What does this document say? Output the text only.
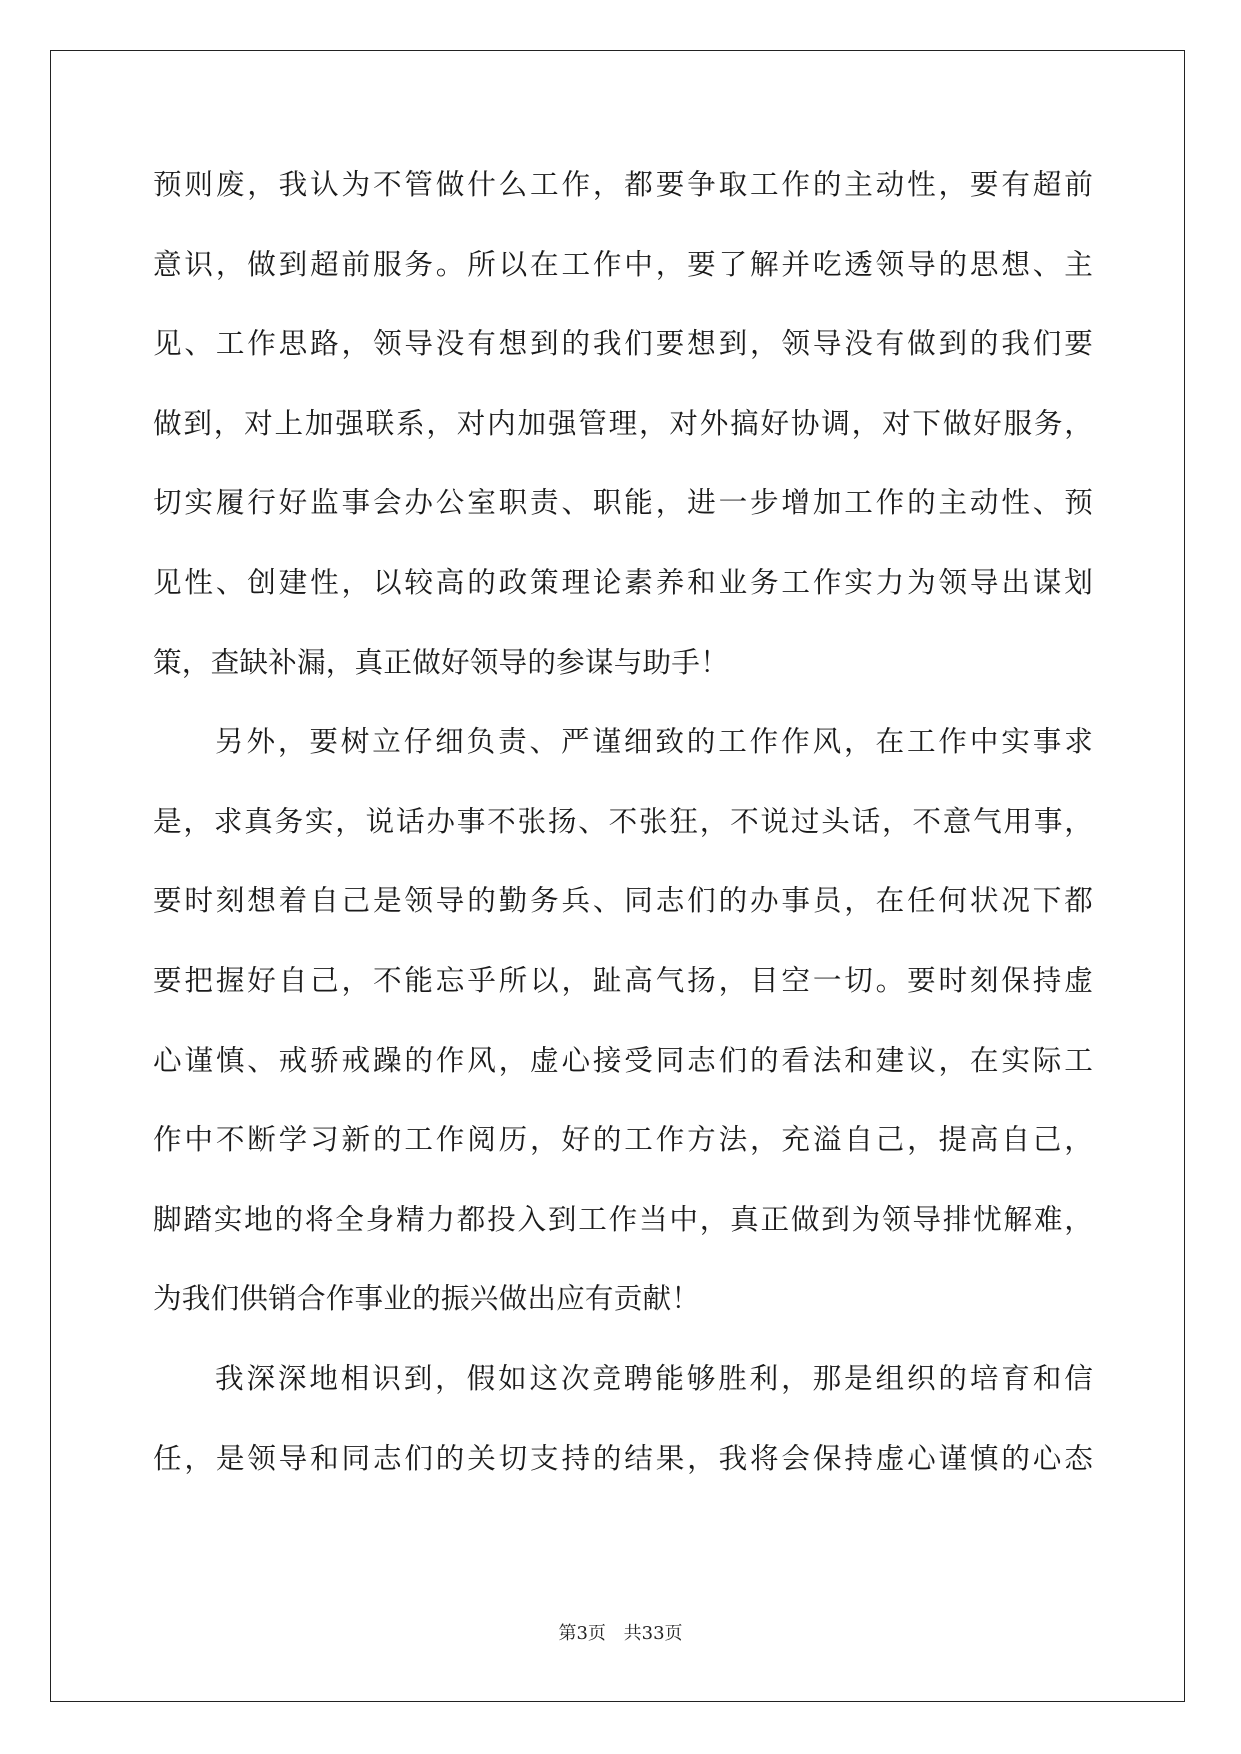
预则废，我认为不管做什么工作，都要争取工作的主动性，要有超前
意识，做到超前服务。所以在工作中，要了解并吃透领导的思想、主
见、工作思路，领导没有想到的我们要想到，领导没有做到的我们要
做到，对上加强联系，对内加强管理，对外搞好协调，对下做好服务，
切实履行好监事会办公室职责、职能，进一步增加工作的主动性、预
见性、创建性，以较高的政策理论素养和业务工作实力为领导出谋划
策，查缺补漏，真正做好领导的参谋与助手！
另外，要树立仔细负责、严谨细致的工作作风，在工作中实事求
是，求真务实，说话办事不张扬、不张狂，不说过头话，不意气用事，
要时刻想着自己是领导的勤务兵、同志们的办事员，在任何状况下都
要把握好自己，不能忘乎所以，趾高气扬，目空一切。要时刻保持虚
心谨慎、戒骄戒躁的作风，虚心接受同志们的看法和建议，在实际工
作中不断学习新的工作阅历，好的工作方法，充溢自己，提高自己，
脚踏实地的将全身精力都投入到工作当中，真正做到为领导排忧解难，
为我们供销合作事业的振兴做出应有贡献！
我深深地相识到，假如这次竞聘能够胜利，那是组织的培育和信
任，是领导和同志们的关切支持的结果，我将会保持虚心谨慎的心态
第3页 共33页
